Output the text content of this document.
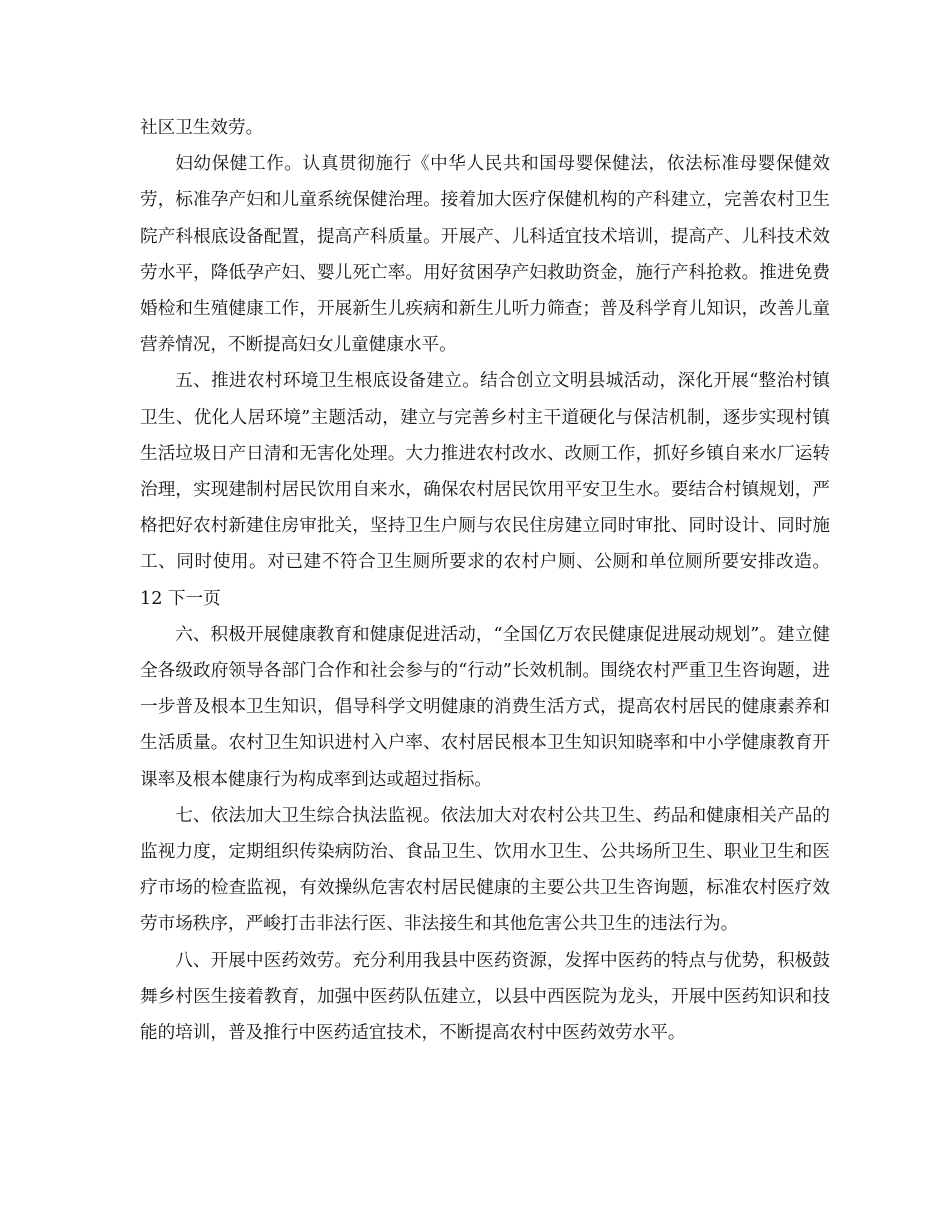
社区卫生效劳。

妇幼保健工作。认真贯彻施行《中华人民共和国母婴保健法，依法标准母婴保健效劳，标准孕产妇和儿童系统保健治理。接着加大医疗保健机构的产科建立，完善农村卫生院产科根底设备配置，提高产科质量。开展产、儿科适宜技术培训，提高产、儿科技术效劳水平，降低孕产妇、婴儿死亡率。用好贫困孕产妇救助资金，施行产科抢救。推进免费婚检和生殖健康工作，开展新生儿疾病和新生儿听力筛查；普及科学育儿知识，改善儿童营养情况，不断提高妇女儿童健康水平。

五、推进农村环境卫生根底设备建立。结合创立文明县城活动，深化开展“整治村镇卫生、优化人居环境”主题活动，建立与完善乡村主干道硬化与保洁机制，逐步实现村镇生活垃圾日产日清和无害化处理。大力推进农村改水、改厕工作，抓好乡镇自来水厂运转治理，实现建制村居民饮用自来水，确保农村居民饮用平安卫生水。要结合村镇规划，严格把好农村新建住房审批关，坚持卫生户厕与农民住房建立同时审批、同时设计、同时施工、同时使用。对已建不符合卫生厕所要求的农村户厕、公厕和单位厕所要安排改造。12 下一页

六、积极开展健康教育和健康促进活动，“全国亿万农民健康促进展动规划”。建立健全各级政府领导各部门合作和社会参与的“行动”长效机制。围绕农村严重卫生咨询题，进一步普及根本卫生知识，倡导科学文明健康的消费生活方式，提高农村居民的健康素养和生活质量。农村卫生知识进村入户率、农村居民根本卫生知识知晓率和中小学健康教育开课率及根本健康行为构成率到达或超过指标。

七、依法加大卫生综合执法监视。依法加大对农村公共卫生、药品和健康相关产品的监视力度，定期组织传染病防治、食品卫生、饮用水卫生、公共场所卫生、职业卫生和医疗市场的检查监视，有效操纵危害农村居民健康的主要公共卫生咨询题，标准农村医疗效劳市场秩序，严峻打击非法行医、非法接生和其他危害公共卫生的违法行为。

八、开展中医药效劳。充分利用我县中医药资源，发挥中医药的特点与优势，积极鼓舞乡村医生接着教育，加强中医药队伍建立，以县中西医院为龙头，开展中医药知识和技能的培训，普及推行中医药适宜技术，不断提高农村中医药效劳水平。
